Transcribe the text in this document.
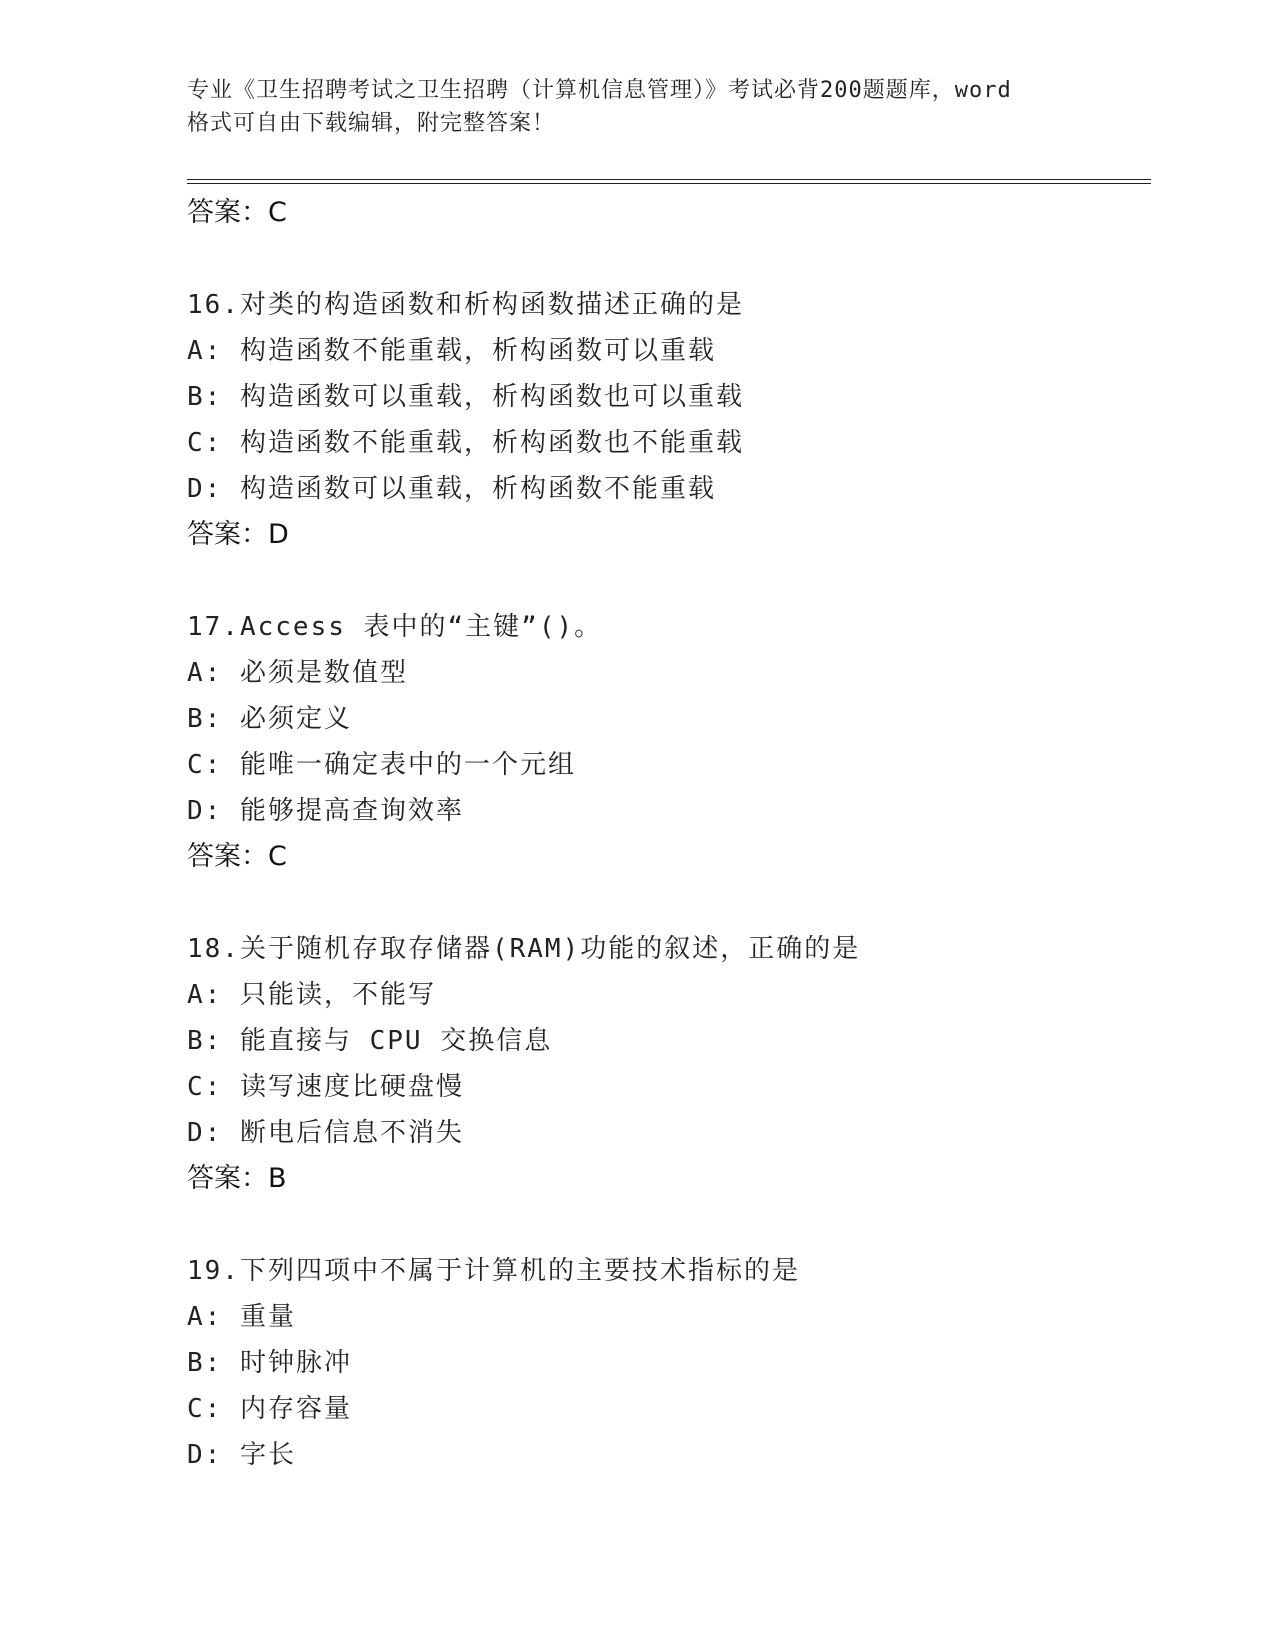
专业《卫生招聘考试之卫生招聘（计算机信息管理）》考试必背200题题库，word
格式可自由下载编辑，附完整答案！
答案：C
16.对类的构造函数和析构函数描述正确的是
A: 构造函数不能重载，析构函数可以重载
B: 构造函数可以重载，析构函数也可以重载
C: 构造函数不能重载，析构函数也不能重载
D: 构造函数可以重载，析构函数不能重载
答案：D
17.Access 表中的“主键”()。
A: 必须是数值型
B: 必须定义
C: 能唯一确定表中的一个元组
D: 能够提高查询效率
答案：C
18.关于随机存取存储器(RAM)功能的叙述，正确的是
A: 只能读，不能写
B: 能直接与 CPU 交换信息
C: 读写速度比硬盘慢
D: 断电后信息不消失
答案：B
19.下列四项中不属于计算机的主要技术指标的是
A: 重量
B: 时钟脉冲
C: 内存容量
D: 字长
